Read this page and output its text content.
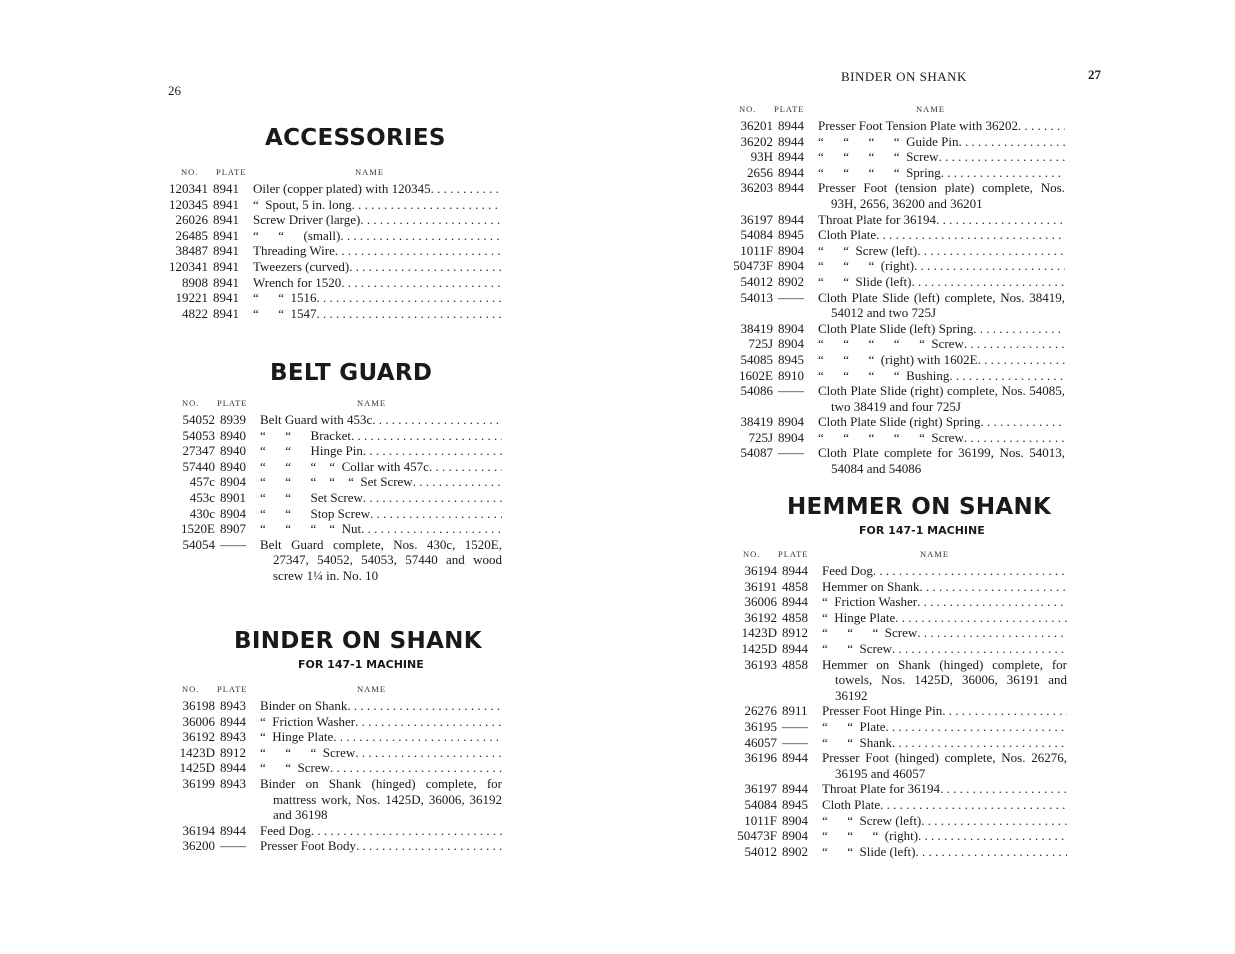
26
ACCESSORIES
NO. PLATE	NAME
120341 8941	Oiler (copper plated) with 120345
. . .
120345 8941	“  Spout, 5 in. long
. . .
26026 8941	Screw Driver (large)
. . .
26485 8941	“      “      (small)
. . .
38487 8941	Threading Wire
. . .
120341 8941	Tweezers (curved)
. . .
8908 8941	Wrench for 1520
. . .
19221 8941	“      “  1516
. . .
4822 8941	“      “  1547
. . .
BELT GUARD
NO. PLATE	NAME
54052 8939	Belt Guard with 453c
. . .
54053 8940	“      “      Bracket
. . .
27347 8940	“      “      Hinge Pin
. . .
57440 8940	“      “      “    “  Collar with 457c
. . .
457c 8904	“      “      “    “    “  Set Screw
. . .
453c 8901	“      “      Set Screw
. . .
430c 8904	“      “      Stop Screw
. . .
1520E 8907	“      “      “    “  Nut
. . .
54054 ——	Belt Guard complete, Nos. 430c, 1520E, 27347, 54052, 54053, 57440 and wood screw 1¼ in. No. 10
BINDER ON SHANK
FOR 147-1 MACHINE
NO. PLATE	NAME
36198 8943	Binder on Shank
. . .
36006 8944	“  Friction Washer
. . .
36192 8943	“  Hinge Plate
. . .
1423D 8912	“      “      “  Screw
. . .
1425D 8944	“      “  Screw
. . .
36199 8943	Binder on Shank (hinged) complete, for mattress work, Nos. 1425D, 36006, 36192 and 36198
36194 8944	Feed Dog
. . .
36200 ——	Presser Foot Body
. . .
BINDER ON SHANK	27
NO. PLATE	NAME
36201 8944	Presser Foot Tension Plate with 36202
. . .
36202 8944	“      “      “      “  Guide Pin
. . .
93H 8944	“      “      “      “  Screw
. . .
2656 8944	“      “      “      “  Spring
. . .
36203 8944	Presser Foot (tension plate) complete, Nos. 93H, 2656, 36200 and 36201
36197 8944	Throat Plate for 36194
. . .
54084 8945	Cloth Plate
. . .
1011F 8904	“      “  Screw (left)
. . .
50473F 8904	“      “      “  (right)
. . .
54012 8902	“      “  Slide (left)
. . .
54013 ——	Cloth Plate Slide (left) complete, Nos. 38419, 54012 and two 725J
38419 8904	Cloth Plate Slide (left) Spring
. . .
725J 8904	“      “      “      “      “  Screw
. . .
54085 8945	“      “      “  (right) with 1602E
. . .
1602E 8910	“      “      “      “  Bushing
. . .
54086 ——	Cloth Plate Slide (right) complete, Nos. 54085, two 38419 and four 725J
38419 8904	Cloth Plate Slide (right) Spring
. . .
725J 8904	“      “      “      “      “  Screw
. . .
54087 ——	Cloth Plate complete for 36199, Nos. 54013, 54084 and 54086
HEMMER ON SHANK
FOR 147-1 MACHINE
NO. PLATE	NAME
36194 8944	Feed Dog
. . .
36191 4858	Hemmer on Shank
. . .
36006 8944	“  Friction Washer
. . .
36192 4858	“  Hinge Plate
. . .
1423D 8912	“      “      “  Screw
. . .
1425D 8944	“      “  Screw
. . .
36193 4858	Hemmer on Shank (hinged) complete, for towels, Nos. 1425D, 36006, 36191 and 36192
26276 8911	Presser Foot Hinge Pin
. . .
36195 ——	“      “  Plate
. . .
46057 ——	“      “  Shank
. . .
36196 8944	Presser Foot (hinged) complete, Nos. 26276, 36195 and 46057
36197 8944	Throat Plate for 36194
. . .
54084 8945	Cloth Plate
. . .
1011F 8904	“      “  Screw (left)
. . .
50473F 8904	“      “      “  (right)
. . .
54012 8902	“      “  Slide (left)
. . .
